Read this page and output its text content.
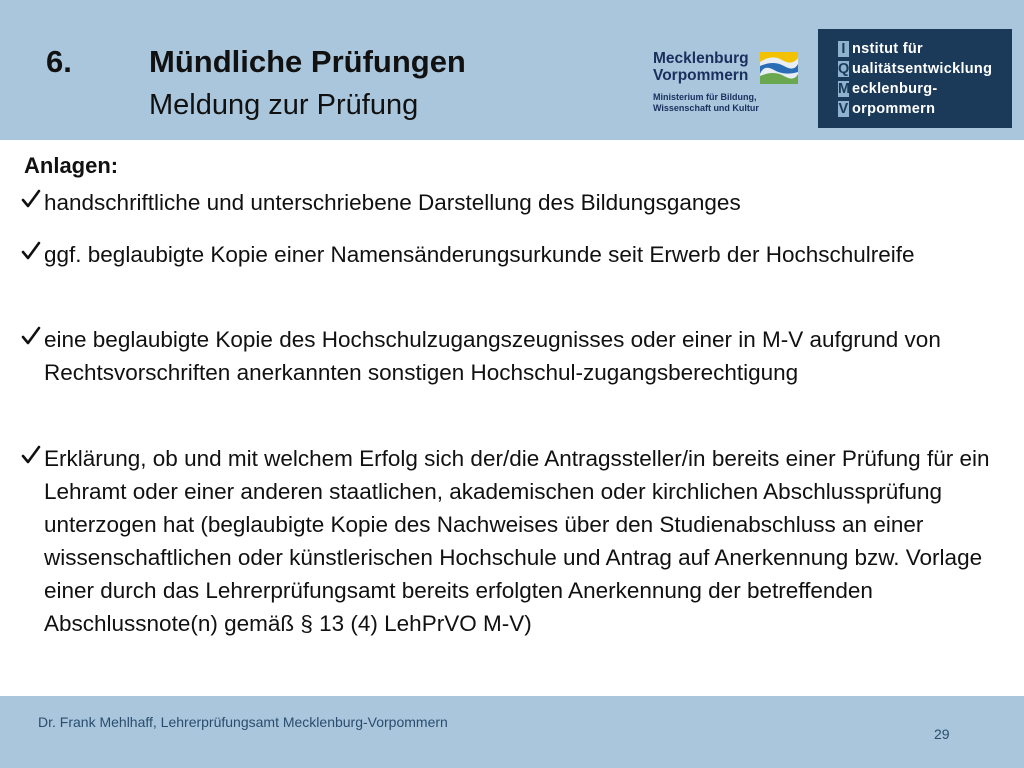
6. Mündliche Prüfungen
Meldung zur Prüfung
Mecklenburg
Vorpommern
Ministerium für Bildung,
Wissenschaft und Kultur
I nstitut für
Q ualitätsentwicklung
M ecklenburg-
V orpommern
Anlagen:
handschriftliche und unterschriebene Darstellung des Bildungsganges
ggf. beglaubigte Kopie einer Namensänderungsurkunde seit Erwerb der Hochschulreife
eine beglaubigte Kopie des Hochschulzugangszeugnisses oder einer in M-V aufgrund von Rechtsvorschriften anerkannten sonstigen Hochschul-zugangsberechtigung
Erklärung, ob und mit welchem Erfolg sich der/die Antragssteller/in bereits einer Prüfung für ein Lehramt oder einer anderen staatlichen, akademischen oder kirchlichen Abschlussprüfung unterzogen hat (beglaubigte Kopie des Nachweises über den Studienabschluss an einer wissenschaftlichen oder künstlerischen Hochschule und Antrag auf Anerkennung bzw. Vorlage einer durch das Lehrerprüfungsamt bereits erfolgten Anerkennung der betreffenden Abschlussnote(n) gemäß § 13 (4) LehPrVO M-V)
Dr. Frank Mehlhaff, Lehrerprüfungsamt Mecklenburg-Vorpommern
29
